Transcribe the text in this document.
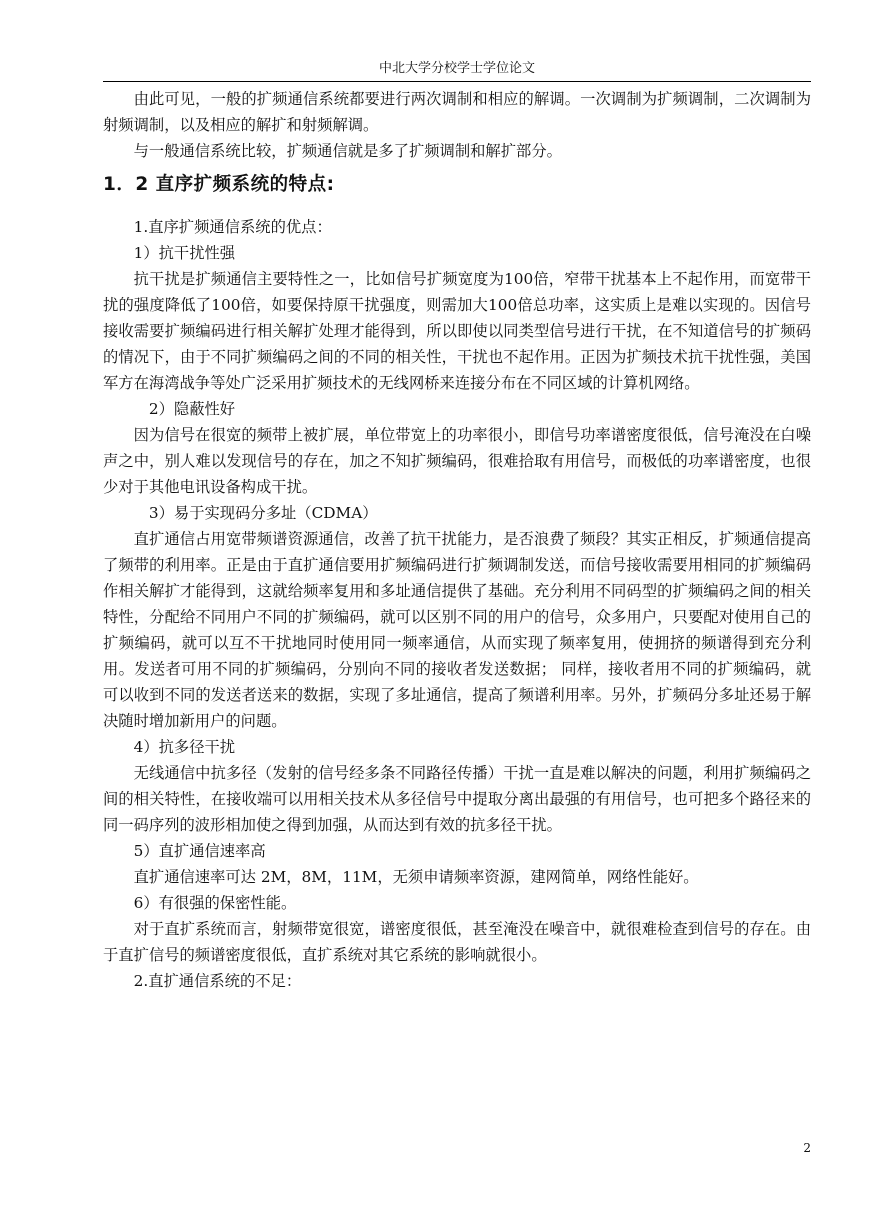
中北大学分校学士学位论文

由此可见，一般的扩频通信系统都要进行两次调制和相应的解调。一次调制为扩频调制，二次调制为射频调制，以及相应的解扩和射频解调。

与一般通信系统比较，扩频通信就是多了扩频调制和解扩部分。

1．2 直序扩频系统的特点:

1.直序扩频通信系统的优点：

1）抗干扰性强

抗干扰是扩频通信主要特性之一，比如信号扩频宽度为100倍，窄带干扰基本上不起作用，而宽带干扰的强度降低了100倍，如要保持原干扰强度，则需加大100倍总功率，这实质上是难以实现的。因信号接收需要扩频编码进行相关解扩处理才能得到，所以即使以同类型信号进行干扰，在不知道信号的扩频码的情况下，由于不同扩频编码之间的不同的相关性，干扰也不起作用。正因为扩频技术抗干扰性强，美国军方在海湾战争等处广泛采用扩频技术的无线网桥来连接分布在不同区域的计算机网络。

2）隐蔽性好

因为信号在很宽的频带上被扩展，单位带宽上的功率很小，即信号功率谱密度很低，信号淹没在白噪声之中，别人难以发现信号的存在，加之不知扩频编码，很难拾取有用信号，而极低的功率谱密度，也很少对于其他电讯设备构成干扰。

3）易于实现码分多址（CDMA）

直扩通信占用宽带频谱资源通信，改善了抗干扰能力，是否浪费了频段？其实正相反，扩频通信提高了频带的利用率。正是由于直扩通信要用扩频编码进行扩频调制发送，而信号接收需要用相同的扩频编码作相关解扩才能得到，这就给频率复用和多址通信提供了基础。充分利用不同码型的扩频编码之间的相关特性，分配给不同用户不同的扩频编码，就可以区别不同的用户的信号，众多用户，只要配对使用自己的扩频编码，就可以互不干扰地同时使用同一频率通信，从而实现了频率复用，使拥挤的频谱得到充分利用。发送者可用不同的扩频编码，分别向不同的接收者发送数据； 同样，接收者用不同的扩频编码，就可以收到不同的发送者送来的数据，实现了多址通信，提高了频谱利用率。另外，扩频码分多址还易于解决随时增加新用户的问题。

4）抗多径干扰

无线通信中抗多径（发射的信号经多条不同路径传播）干扰一直是难以解决的问题，利用扩频编码之间的相关特性，在接收端可以用相关技术从多径信号中提取分离出最强的有用信号，也可把多个路径来的同一码序列的波形相加使之得到加强，从而达到有效的抗多径干扰。

5）直扩通信速率高

直扩通信速率可达 2M，8M，11M，无须申请频率资源，建网简单，网络性能好。

6）有很强的保密性能。

对于直扩系统而言，射频带宽很宽，谱密度很低，甚至淹没在噪音中，就很难检查到信号的存在。由于直扩信号的频谱密度很低，直扩系统对其它系统的影响就很小。

2.直扩通信系统的不足：

2
